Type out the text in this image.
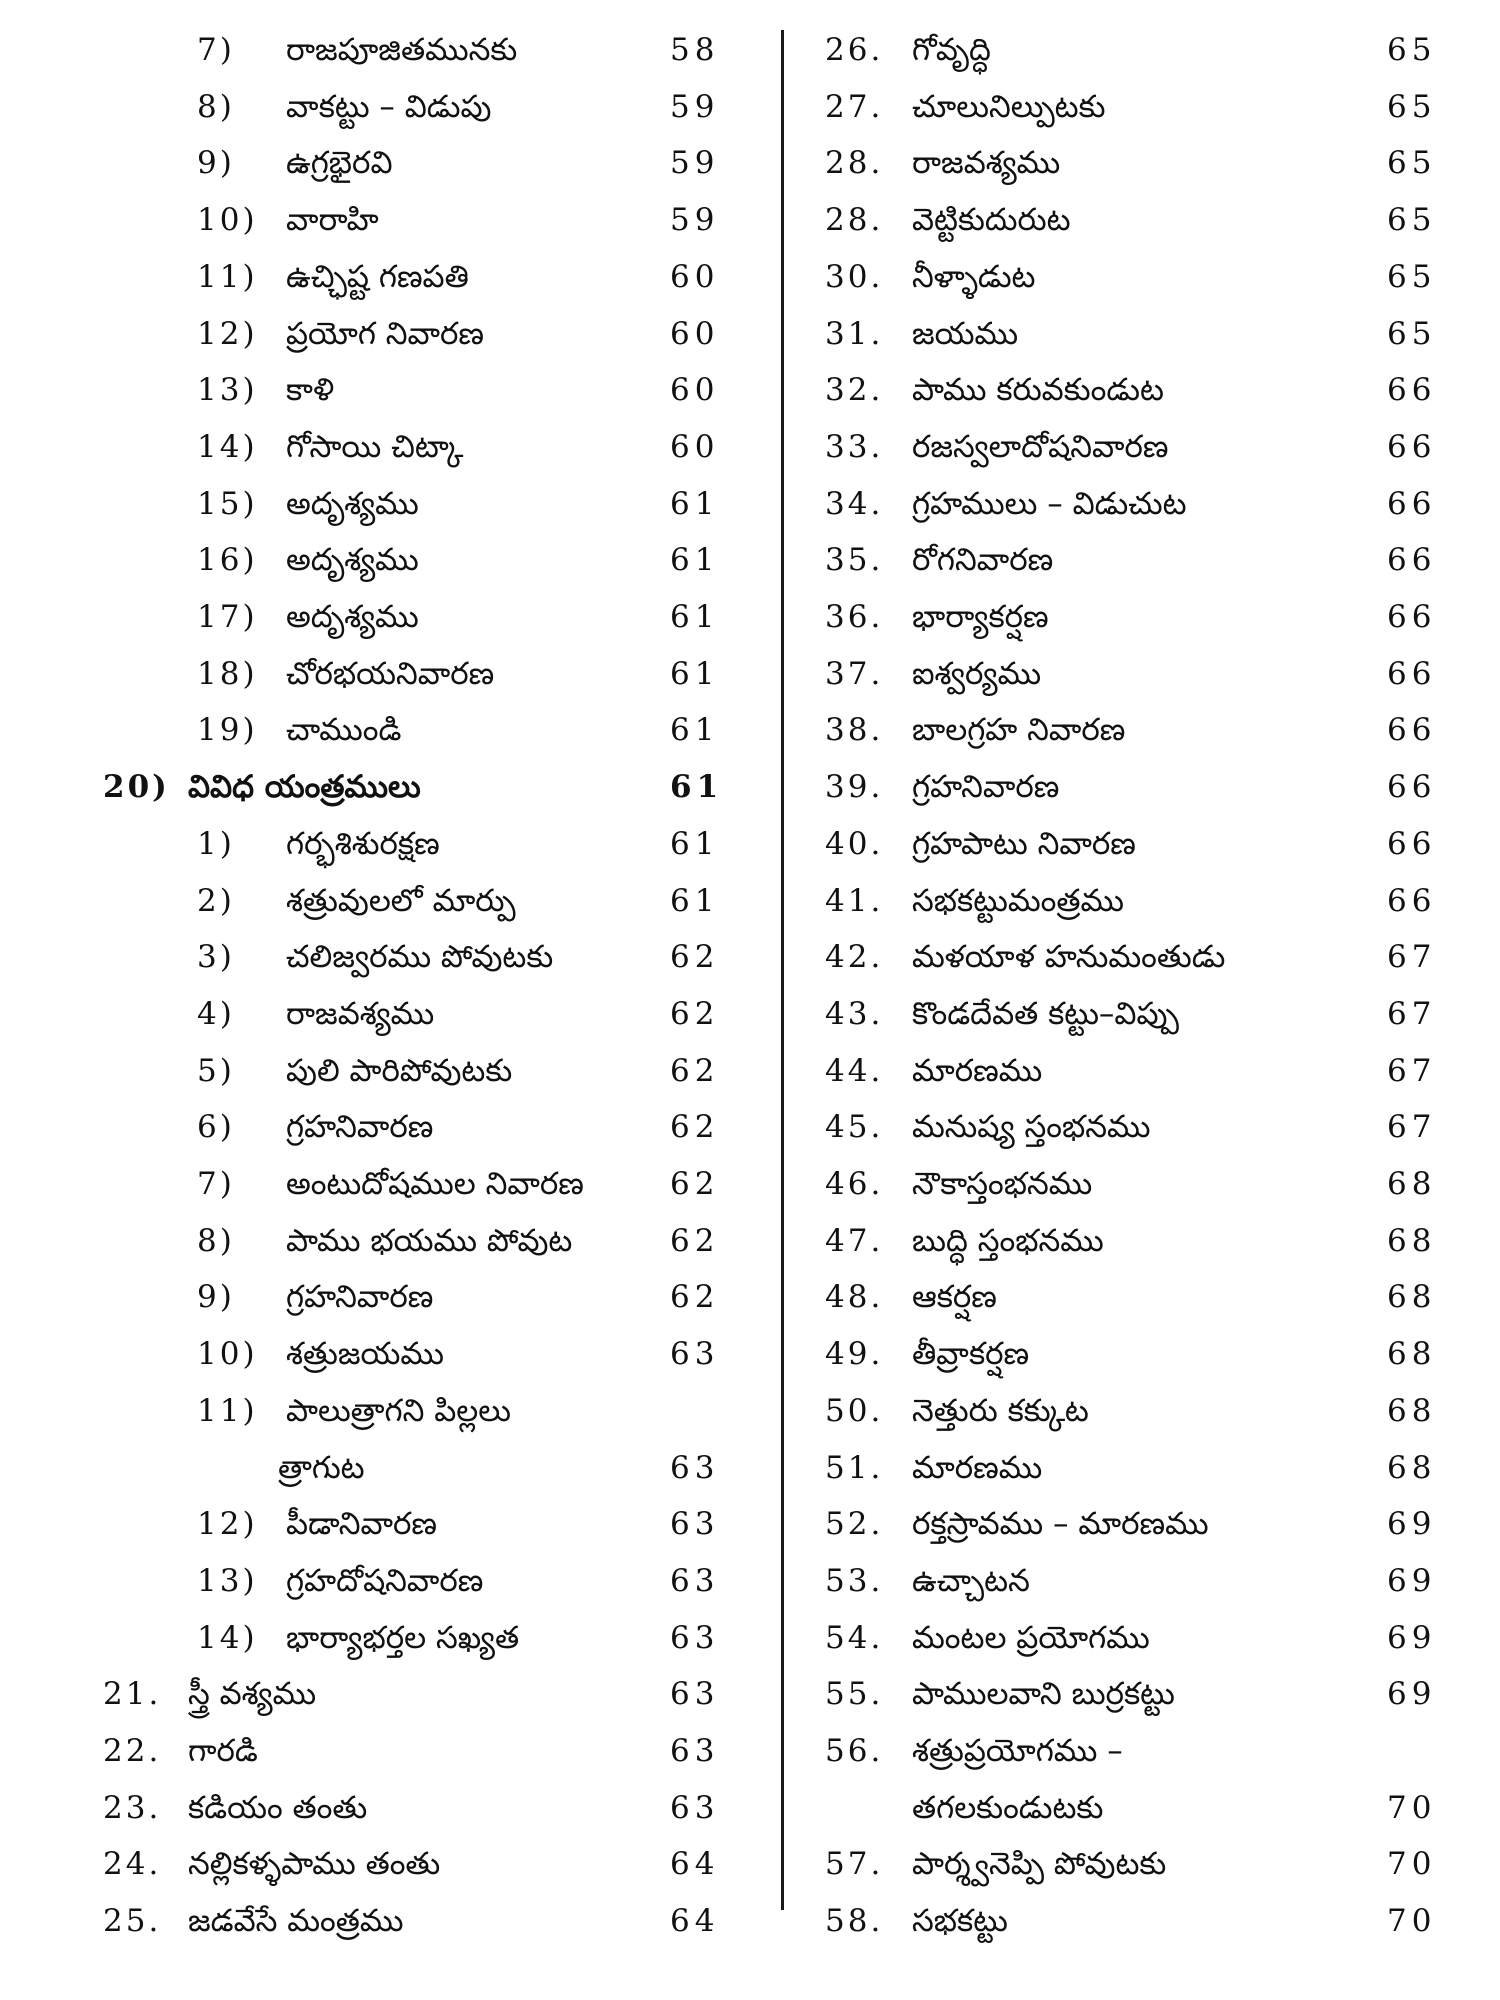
7) రాజపూజితమునకు	58
8) వాకట్టు – విడుపు	59
9) ఉగ్రభైరవి	59
10) వారాహి	59
11) ఉచ్ఛిష్ట గణపతి	60
12) ప్రయోగ నివారణ	60
13) కాళి	60
14) గోసాయి చిట్కా	60
15) అదృశ్యము	61
16) అదృశ్యము	61
17) అదృశ్యము	61
18) చోరభయనివారణ	61
19) చాముండి	61
20) వివిధ యంత్రములు	61
1) గర్భశిశురక్షణ	61
2) శత్రువులలో మార్పు	61
3) చలిజ్వరము పోవుటకు	62
4) రాజవశ్యము	62
5) పులి పారిపోవుటకు	62
6) గ్రహనివారణ	62
7) అంటుదోషముల నివారణ	62
8) పాము భయము పోవుట	62
9) గ్రహనివారణ	62
10) శత్రుజయము	63
11) పాలుత్రాగని పిల్లలు
త్రాగుట	63
12) పీడానివారణ	63
13) గ్రహదోషనివారణ	63
14) భార్యాభర్తల సఖ్యత	63
21. స్త్రీ వశ్యము	63
22. గారడి	63
23. కడియం తంతు	63
24. నల్లికళ్ళపాము తంతు	64
25. జడవేసే మంత్రము	64
26. గోవృద్ధి	65
27. చూలునిల్పుటకు	65
28. రాజవశ్యము	65
28. వెట్టికుదురుట	65
30. నీళ్ళాడుట	65
31. జయము	65
32. పాము కరువకుండుట	66
33. రజస్వలాదోషనివారణ	66
34. గ్రహములు – విడుచుట	66
35. రోగనివారణ	66
36. భార్యాకర్షణ	66
37. ఐశ్వర్యము	66
38. బాలగ్రహ నివారణ	66
39. గ్రహనివారణ	66
40. గ్రహపాటు నివారణ	66
41. సభకట్టుమంత్రము	66
42. మళయాళ హనుమంతుడు	67
43. కొండదేవత కట్టు–విప్పు	67
44. మారణము	67
45. మనుష్య స్తంభనము	67
46. నౌకాస్తంభనము	68
47. బుద్ధి స్తంభనము	68
48. ఆకర్షణ	68
49. తీవ్రాకర్షణ	68
50. నెత్తురు కక్కుట	68
51. మారణము	68
52. రక్తస్రావము – మారణము	69
53. ఉచ్చాటన	69
54. మంటల ప్రయోగము	69
55. పాములవాని బుర్రకట్టు	69
56. శత్రుప్రయోగము –
తగలకుండుటకు	70
57. పార్శ్వనెప్పి పోవుటకు	70
58. సభకట్టు	70
